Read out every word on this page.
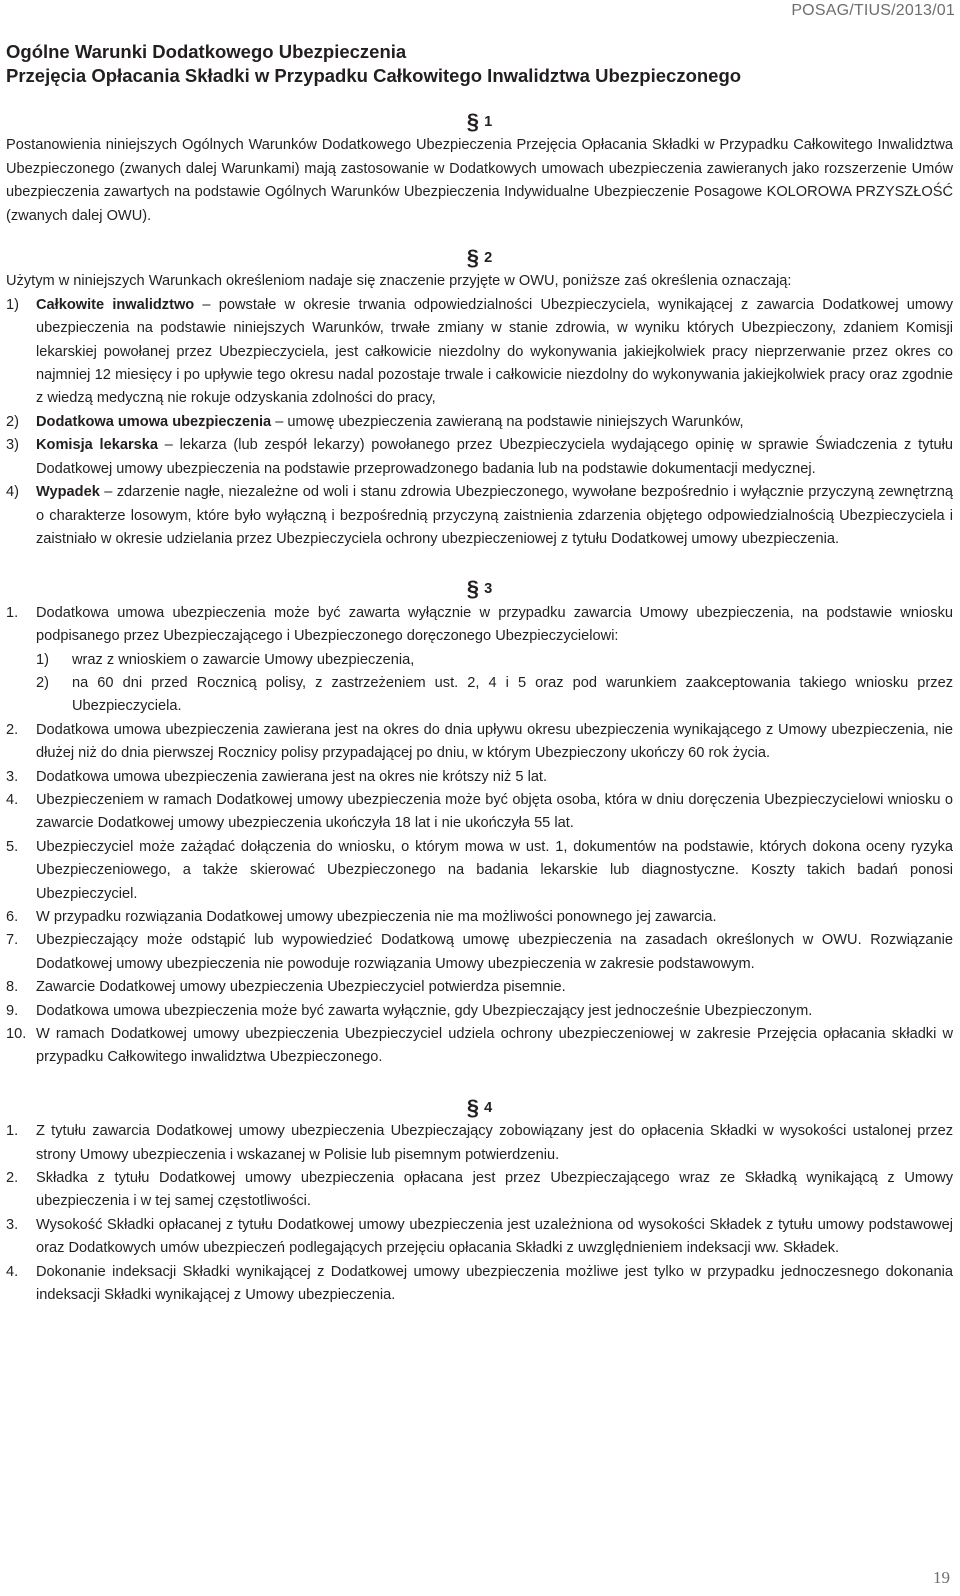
POSAG/TIUS/2013/01

Ogólne Warunki Dodatkowego Ubezpieczenia

Przejęcia Opłacania Składki w Przypadku Całkowitego Inwalidztwa Ubezpieczonego

§ 1

Postanowienia niniejszych Ogólnych Warunków Dodatkowego Ubezpieczenia Przejęcia Opłacania Składki w Przypadku Całkowitego Inwalidztwa Ubezpieczonego (zwanych dalej Warunkami) mają zastosowanie w Dodatkowych umowach ubezpieczenia zawieranych jako rozszerzenie Umów ubezpieczenia zawartych na podstawie Ogólnych Warunków Ubezpieczenia Indywidualne Ubezpieczenie Posagowe KOLOROWA PRZYSZŁOŚĆ (zwanych dalej OWU).

§ 2

Użytym w niniejszych Warunkach określeniom nadaje się znaczenie przyjęte w OWU, poniższe zaś określenia oznaczają:

1) Całkowite inwalidztwo – powstałe w okresie trwania odpowiedzialności Ubezpieczyciela, wynikającej z zawarcia Dodatkowej umowy ubezpieczenia na podstawie niniejszych Warunków, trwałe zmiany w stanie zdrowia, w wyniku których Ubezpieczony, zdaniem Komisji lekarskiej powołanej przez Ubezpieczyciela, jest całkowicie niezdolny do wykonywania jakiejkolwiek pracy nieprzerwanie przez okres co najmniej 12 miesięcy i po upływie tego okresu nadal pozostaje trwale i całkowicie niezdolny do wykonywania jakiejkolwiek pracy oraz zgodnie z wiedzą medyczną nie rokuje odzyskania zdolności do pracy,
2) Dodatkowa umowa ubezpieczenia – umowę ubezpieczenia zawieraną na podstawie niniejszych Warunków,
3) Komisja lekarska – lekarza (lub zespół lekarzy) powołanego przez Ubezpieczyciela wydającego opinię w sprawie Świadczenia z tytułu Dodatkowej umowy ubezpieczenia na podstawie przeprowadzonego badania lub na podstawie dokumentacji medycznej.
4) Wypadek – zdarzenie nagłe, niezależne od woli i stanu zdrowia Ubezpieczonego, wywołane bezpośrednio i wyłącznie przyczyną zewnętrzną o charakterze losowym, które było wyłączną i bezpośrednią przyczyną zaistnienia zdarzenia objętego odpowiedzialnością Ubezpieczyciela i zaistniało w okresie udzielania przez Ubezpieczyciela ochrony ubezpieczeniowej z tytułu Dodatkowej umowy ubezpieczenia.

§ 3

1. Dodatkowa umowa ubezpieczenia może być zawarta wyłącznie w przypadku zawarcia Umowy ubezpieczenia, na podstawie wniosku podpisanego przez Ubezpieczającego i Ubezpieczonego doręczonego Ubezpieczycielowi:
1) wraz z wnioskiem o zawarcie Umowy ubezpieczenia,
2) na 60 dni przed Rocznicą polisy, z zastrzeżeniem ust. 2, 4 i 5 oraz pod warunkiem zaakceptowania takiego wniosku przez Ubezpieczyciela.
2. Dodatkowa umowa ubezpieczenia zawierana jest na okres do dnia upływu okresu ubezpieczenia wynikającego z Umowy ubezpieczenia, nie dłużej niż do dnia pierwszej Rocznicy polisy przypadającej po dniu, w którym Ubezpieczony ukończy 60 rok życia.
3. Dodatkowa umowa ubezpieczenia zawierana jest na okres nie krótszy niż 5 lat.
4. Ubezpieczeniem w ramach Dodatkowej umowy ubezpieczenia może być objęta osoba, która w dniu doręczenia Ubezpieczycielowi wniosku o zawarcie Dodatkowej umowy ubezpieczenia ukończyła 18 lat i nie ukończyła 55 lat.
5. Ubezpieczyciel może zażądać dołączenia do wniosku, o którym mowa w ust. 1, dokumentów na podstawie, których dokona oceny ryzyka Ubezpieczeniowego, a także skierować Ubezpieczonego na badania lekarskie lub diagnostyczne. Koszty takich badań ponosi Ubezpieczyciel.
6. W przypadku rozwiązania Dodatkowej umowy ubezpieczenia nie ma możliwości ponownego jej zawarcia.
7. Ubezpieczający może odstąpić lub wypowiedzieć Dodatkową umowę ubezpieczenia na zasadach określonych w OWU. Rozwiązanie Dodatkowej umowy ubezpieczenia nie powoduje rozwiązania Umowy ubezpieczenia w zakresie podstawowym.
8. Zawarcie Dodatkowej umowy ubezpieczenia Ubezpieczyciel potwierdza pisemnie.
9. Dodatkowa umowa ubezpieczenia może być zawarta wyłącznie, gdy Ubezpieczający jest jednocześnie Ubezpieczonym.
10. W ramach Dodatkowej umowy ubezpieczenia Ubezpieczyciel udziela ochrony ubezpieczeniowej w zakresie Przejęcia opłacania składki w przypadku Całkowitego inwalidztwa Ubezpieczonego.

§ 4

1. Z tytułu zawarcia Dodatkowej umowy ubezpieczenia Ubezpieczający zobowiązany jest do opłacenia Składki w wysokości ustalonej przez strony Umowy ubezpieczenia i wskazanej w Polisie lub pisemnym potwierdzeniu.
2. Składka z tytułu Dodatkowej umowy ubezpieczenia opłacana jest przez Ubezpieczającego wraz ze Składką wynikającą z Umowy ubezpieczenia i w tej samej częstotliwości.
3. Wysokość Składki opłacanej z tytułu Dodatkowej umowy ubezpieczenia jest uzależniona od wysokości Składek z tytułu umowy podstawowej oraz Dodatkowych umów ubezpieczeń podlegających przejęciu opłacania Składki z uwzględnieniem indeksacji ww. Składek.
4. Dokonanie indeksacji Składki wynikającej z Dodatkowej umowy ubezpieczenia możliwe jest tylko w przypadku jednoczesnego dokonania indeksacji Składki wynikającej z Umowy ubezpieczenia.
19
